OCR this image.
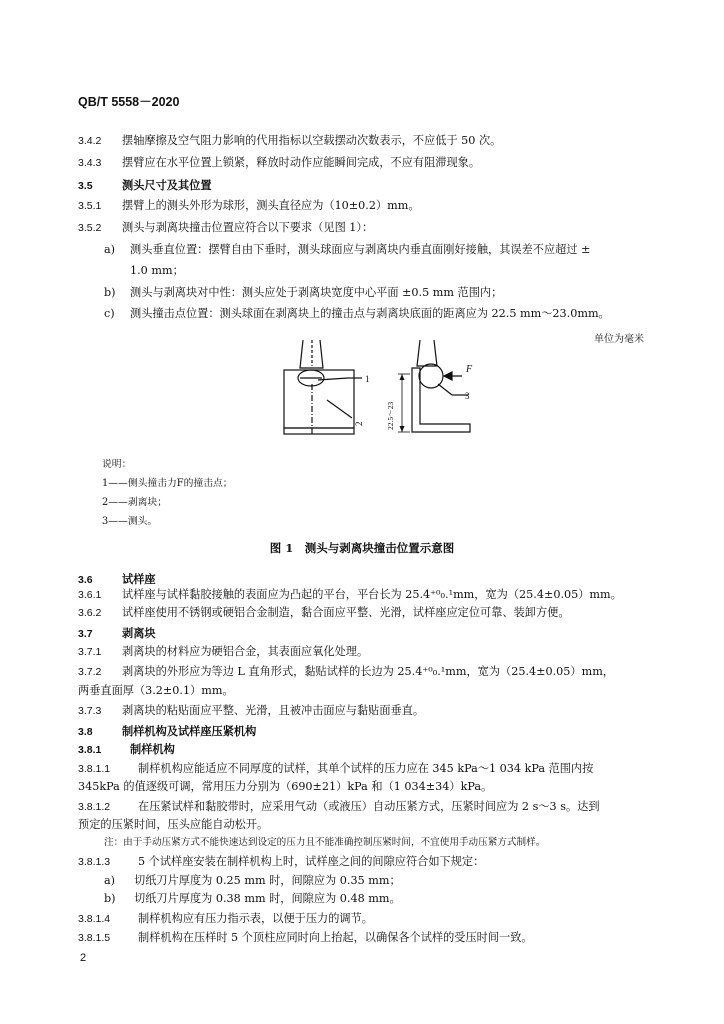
QB/T 5558－2020
3.4.2 摆轴摩擦及空气阻力影响的代用指标以空载摆动次数表示，不应低于 50 次。
3.4.3 摆臂应在水平位置上锁紧，释放时动作应能瞬间完成，不应有阻滞现象。
3.5	测头尺寸及其位置
3.5.1 摆臂上的测头外形为球形，测头直径应为（10±0.2）mm。
3.5.2 测头与剥离块撞击位置应符合以下要求（见图 1）：
a) 测头垂直位置：摆臂自由下垂时，测头球面应与剥离块内垂直面刚好接触，其误差不应超过 ±
1.0 mm；
b) 测头与剥离块对中性：测头应处于剥离块宽度中心平面 ±0.5 mm 范围内；
c) 测头撞击点位置：测头球面在剥离块上的撞击点与剥离块底面的距离应为 22.5 mm～23.0mm。
单位为毫米
1
2
3
F
22.5～23
说明：
1——侧头撞击力F的撞击点；
2——剥离块；
3——测头。
图 1　测头与剥离块撞击位置示意图
3.6	试样座
3.6.1 试样座与试样黏胶接触的表面应为凸起的平台，平台长为 25.4⁺⁰₀.¹mm，宽为（25.4±0.05）mm。
3.6.2 试样座使用不锈钢或硬铝合金制造，黏合面应平整、光滑，试样座应定位可靠、装卸方便。
3.7	剥离块
3.7.1 剥离块的材料应为硬铝合金，其表面应氧化处理。
3.7.2 剥离块的外形应为等边 L 直角形式，黏贴试样的长边为 25.4⁺⁰₀.¹mm，宽为（25.4±0.05）mm，
两垂直面厚（3.2±0.1）mm。
3.7.3 剥离块的粘贴面应平整、光滑，且被冲击面应与黏贴面垂直。
3.8	制样机构及试样座压紧机构
3.8.1	制样机构
3.8.1.1 制样机构应能适应不同厚度的试样，其单个试样的压力应在 345 kPa～1 034 kPa 范围内按
345kPa 的值逐级可调，常用压力分别为（690±21）kPa 和（1 034±34）kPa。
3.8.1.2 在压紧试样和黏胶带时，应采用气动（或液压）自动压紧方式，压紧时间应为 2 s～3 s。达到
预定的压紧时间，压头应能自动松开。
注：由于手动压紧方式不能快速达到设定的压力且不能准确控制压紧时间，不宜使用手动压紧方式制样。
3.8.1.3 5 个试样座安装在制样机构上时，试样座之间的间隙应符合如下规定：
a) 切纸刀片厚度为 0.25 mm 时，间隙应为 0.35 mm；
b) 切纸刀片厚度为 0.38 mm 时，间隙应为 0.48 mm。
3.8.1.4 制样机构应有压力指示表，以便于压力的调节。
3.8.1.5 制样机构在压样时 5 个顶柱应同时向上抬起，以确保各个试样的受压时间一致。
2
